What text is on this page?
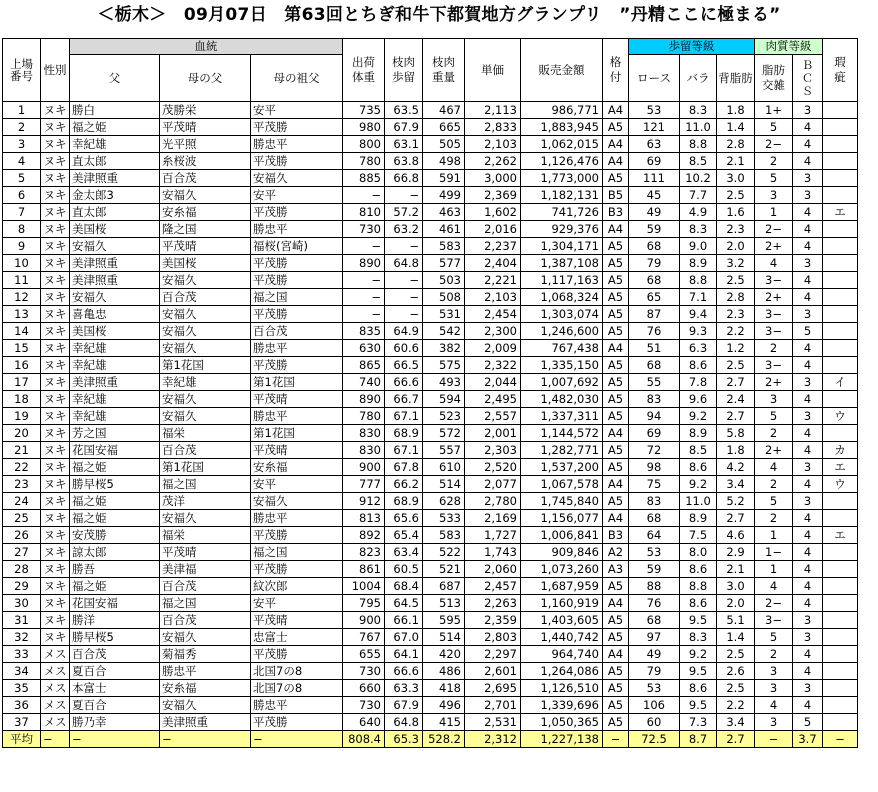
＜栃木＞　09月07日　第63回とちぎ和牛下都賀地方グランプリ　”丹精ここに極まる”
上場番号	性別	血統			出荷体重	枝肉歩留	枝肉重量	単価	販売金額	格付	歩留等級			肉質等級		瑕疵

		父	母の父	母の祖父							ロース	バラ	背脂肪	脂肪交雑	ＢＣＳ	

1	ヌキ	勝白	茂勝栄	安平	735	63.5	467	2,113	986,771	A4	53	8.3	1.8	1+	3	
2	ヌキ	福之姫	平茂晴	平茂勝	980	67.9	665	2,833	1,883,945	A5	121	11.0	1.4	5	4	
3	ヌキ	幸紀雄	光平照	勝忠平	800	63.1	505	2,103	1,062,015	A4	63	8.8	2.8	2−	4	
4	ヌキ	直太郎	糸桜波	平茂勝	780	63.8	498	2,262	1,126,476	A4	69	8.5	2.1	2	4	
5	ヌキ	美津照重	百合茂	安福久	885	66.8	591	3,000	1,773,000	A5	111	10.2	3.0	5	3	
6	ヌキ	金太郎3	安福久	安平	−	−	499	2,369	1,182,131	B5	45	7.7	2.5	3	3	
7	ヌキ	直太郎	安糸福	平茂勝	810	57.2	463	1,602	741,726	B3	49	4.9	1.6	1	4	エ
8	ヌキ	美国桜	隆之国	勝忠平	730	63.2	461	2,016	929,376	A4	59	8.3	2.3	2−	4	
9	ヌキ	安福久	平茂晴	福桜(宮崎)	−	−	583	2,237	1,304,171	A5	68	9.0	2.0	2+	4	
10	ヌキ	美津照重	美国桜	平茂勝	890	64.8	577	2,404	1,387,108	A5	79	8.9	3.2	4	3	
11	ヌキ	美津照重	安福久	平茂勝	−	−	503	2,221	1,117,163	A5	68	8.8	2.5	3−	4	
12	ヌキ	安福久	百合茂	福之国	−	−	508	2,103	1,068,324	A5	65	7.1	2.8	2+	4	
13	ヌキ	喜亀忠	安福久	平茂勝	−	−	531	2,454	1,303,074	A5	87	9.4	2.3	3−	3	
14	ヌキ	美国桜	安福久	百合茂	835	64.9	542	2,300	1,246,600	A5	76	9.3	2.2	3−	5	
15	ヌキ	幸紀雄	安福久	勝忠平	630	60.6	382	2,009	767,438	A4	51	6.3	1.2	2	4	
16	ヌキ	幸紀雄	第1花国	平茂勝	865	66.5	575	2,322	1,335,150	A5	68	8.6	2.5	3−	4	
17	ヌキ	美津照重	幸紀雄	第1花国	740	66.6	493	2,044	1,007,692	A5	55	7.8	2.7	2+	3	イ
18	ヌキ	幸紀雄	安福久	平茂晴	890	66.7	594	2,495	1,482,030	A5	83	9.6	2.4	3	4	
19	ヌキ	幸紀雄	安福久	勝忠平	780	67.1	523	2,557	1,337,311	A5	94	9.2	2.7	5	3	ウ
20	ヌキ	芳之国	福栄	第1花国	830	68.9	572	2,001	1,144,572	A4	69	8.9	5.8	2	4	
21	ヌキ	花国安福	百合茂	平茂晴	830	67.1	557	2,303	1,282,771	A5	72	8.5	1.8	2+	4	カ
22	ヌキ	福之姫	第1花国	安糸福	900	67.8	610	2,520	1,537,200	A5	98	8.6	4.2	4	3	エ
23	ヌキ	勝早桜5	福之国	安平	777	66.2	514	2,077	1,067,578	A4	75	9.2	3.4	2	4	ウ
24	ヌキ	福之姫	茂洋	安福久	912	68.9	628	2,780	1,745,840	A5	83	11.0	5.2	5	3	
25	ヌキ	福之姫	安福久	勝忠平	813	65.6	533	2,169	1,156,077	A4	68	8.9	2.7	2	4	
26	ヌキ	安茂勝	福栄	平茂勝	892	65.4	583	1,727	1,006,841	B3	64	7.5	4.6	1	4	エ
27	ヌキ	諒太郎	平茂晴	福之国	823	63.4	522	1,743	909,846	A2	53	8.0	2.9	1−	4	
28	ヌキ	勝吾	美津福	平茂勝	861	60.5	521	2,060	1,073,260	A3	59	8.6	2.1	1	4	
29	ヌキ	福之姫	百合茂	紋次郎	1004	68.4	687	2,457	1,687,959	A5	88	8.8	3.0	4	4	
30	ヌキ	花国安福	福之国	安平	795	64.5	513	2,263	1,160,919	A4	76	8.6	2.0	2−	4	
31	ヌキ	勝洋	百合茂	平茂晴	900	66.1	595	2,359	1,403,605	A5	68	9.5	5.1	3−	3	
32	ヌキ	勝早桜5	安福久	忠富士	767	67.0	514	2,803	1,440,742	A5	97	8.3	1.4	5	3	
33	メス	百合茂	菊福秀	平茂勝	655	64.1	420	2,297	964,740	A4	49	9.2	2.5	2	4	
34	メス	夏百合	勝忠平	北国7の8	730	66.6	486	2,601	1,264,086	A5	79	9.5	2.6	3	4	
35	メス	本富士	安糸福	北国7の8	660	63.3	418	2,695	1,126,510	A5	53	8.6	2.5	3	3	
36	メス	夏百合	安福久	勝忠平	730	67.9	496	2,701	1,339,696	A5	106	9.5	2.2	4	4	
37	メス	勝乃幸	美津照重	平茂勝	640	64.8	415	2,531	1,050,365	A5	60	7.3	3.4	3	5	
平均	−	−	−	−	808.4	65.3	528.2	2,312	1,227,138	−	72.5	8.7	2.7	−	3.7	−
